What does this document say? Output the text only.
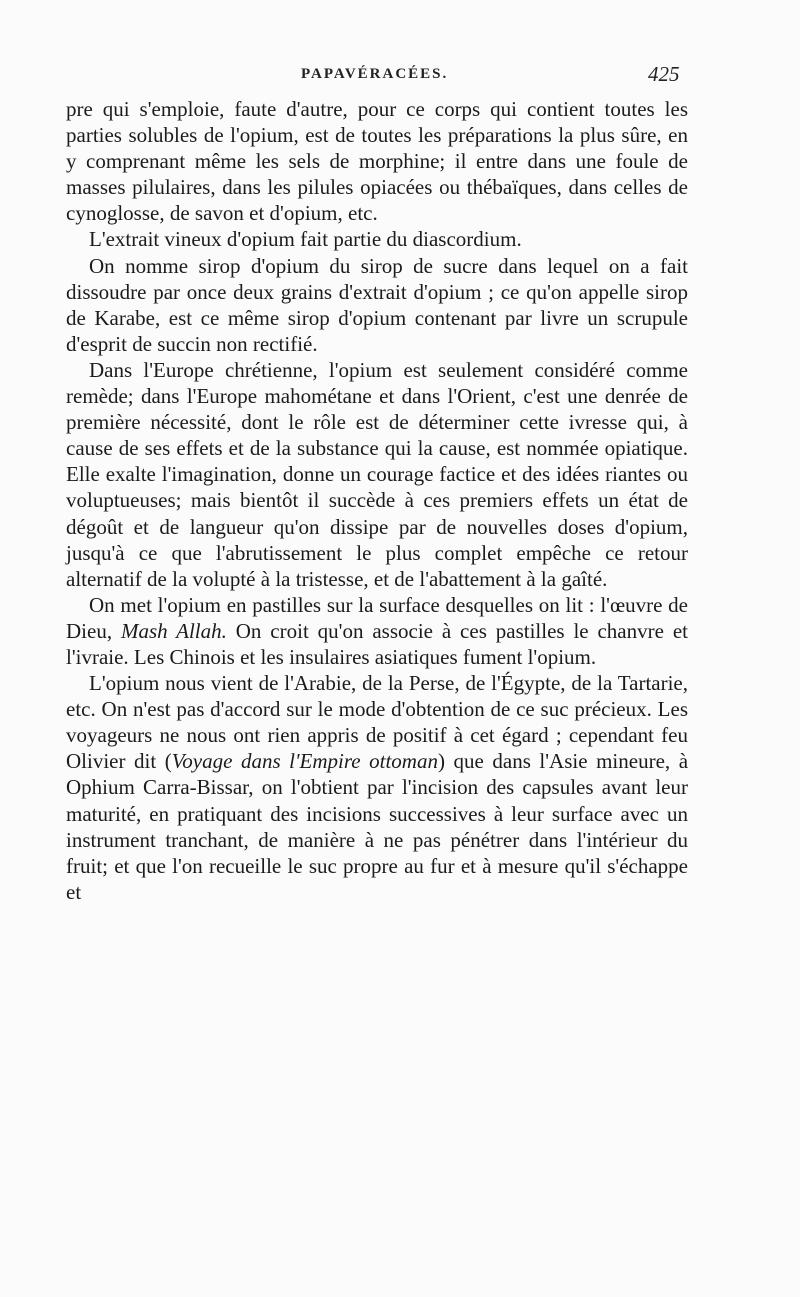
PAPAVÉRACÉES.	425

pre qui s'emploie, faute d'autre, pour ce corps qui contient toutes les parties solubles de l'opium, est de toutes les préparations la plus sûre, en y comprenant même les sels de morphine; il entre dans une foule de masses pilulaires, dans les pilules opiacées ou thébaïques, dans celles de cynoglosse, de savon et d'opium, etc.

L'extrait vineux d'opium fait partie du diascordium.

On nomme sirop d'opium du sirop de sucre dans lequel on a fait dissoudre par once deux grains d'extrait d'opium ; ce qu'on appelle sirop de Karabe, est ce même sirop d'opium contenant par livre un scrupule d'esprit de succin non rectifié.

Dans l'Europe chrétienne, l'opium est seulement considéré comme remède; dans l'Europe mahométane et dans l'Orient, c'est une denrée de première nécessité, dont le rôle est de déterminer cette ivresse qui, à cause de ses effets et de la substance qui la cause, est nommée opiatique. Elle exalte l'imagination, donne un courage factice et des idées riantes ou voluptueuses; mais bientôt il succède à ces premiers effets un état de dégoût et de langueur qu'on dissipe par de nouvelles doses d'opium, jusqu'à ce que l'abrutissement le plus complet empêche ce retour alternatif de la volupté à la tristesse, et de l'abattement à la gaîté.

On met l'opium en pastilles sur la surface desquelles on lit : l'œuvre de Dieu, Mash Allah. On croit qu'on associe à ces pastilles le chanvre et l'ivraie. Les Chinois et les insulaires asiatiques fument l'opium.

L'opium nous vient de l'Arabie, de la Perse, de l'Égypte, de la Tartarie, etc. On n'est pas d'accord sur le mode d'obtention de ce suc précieux. Les voyageurs ne nous ont rien appris de positif à cet égard ; cependant feu Olivier dit (Voyage dans l'Empire ottoman) que dans l'Asie mineure, à Ophium Carra-Bissar, on l'obtient par l'incision des capsules avant leur maturité, en pratiquant des incisions successives à leur surface avec un instrument tranchant, de manière à ne pas pénétrer dans l'intérieur du fruit; et que l'on recueille le suc propre au fur et à mesure qu'il s'échappe et
